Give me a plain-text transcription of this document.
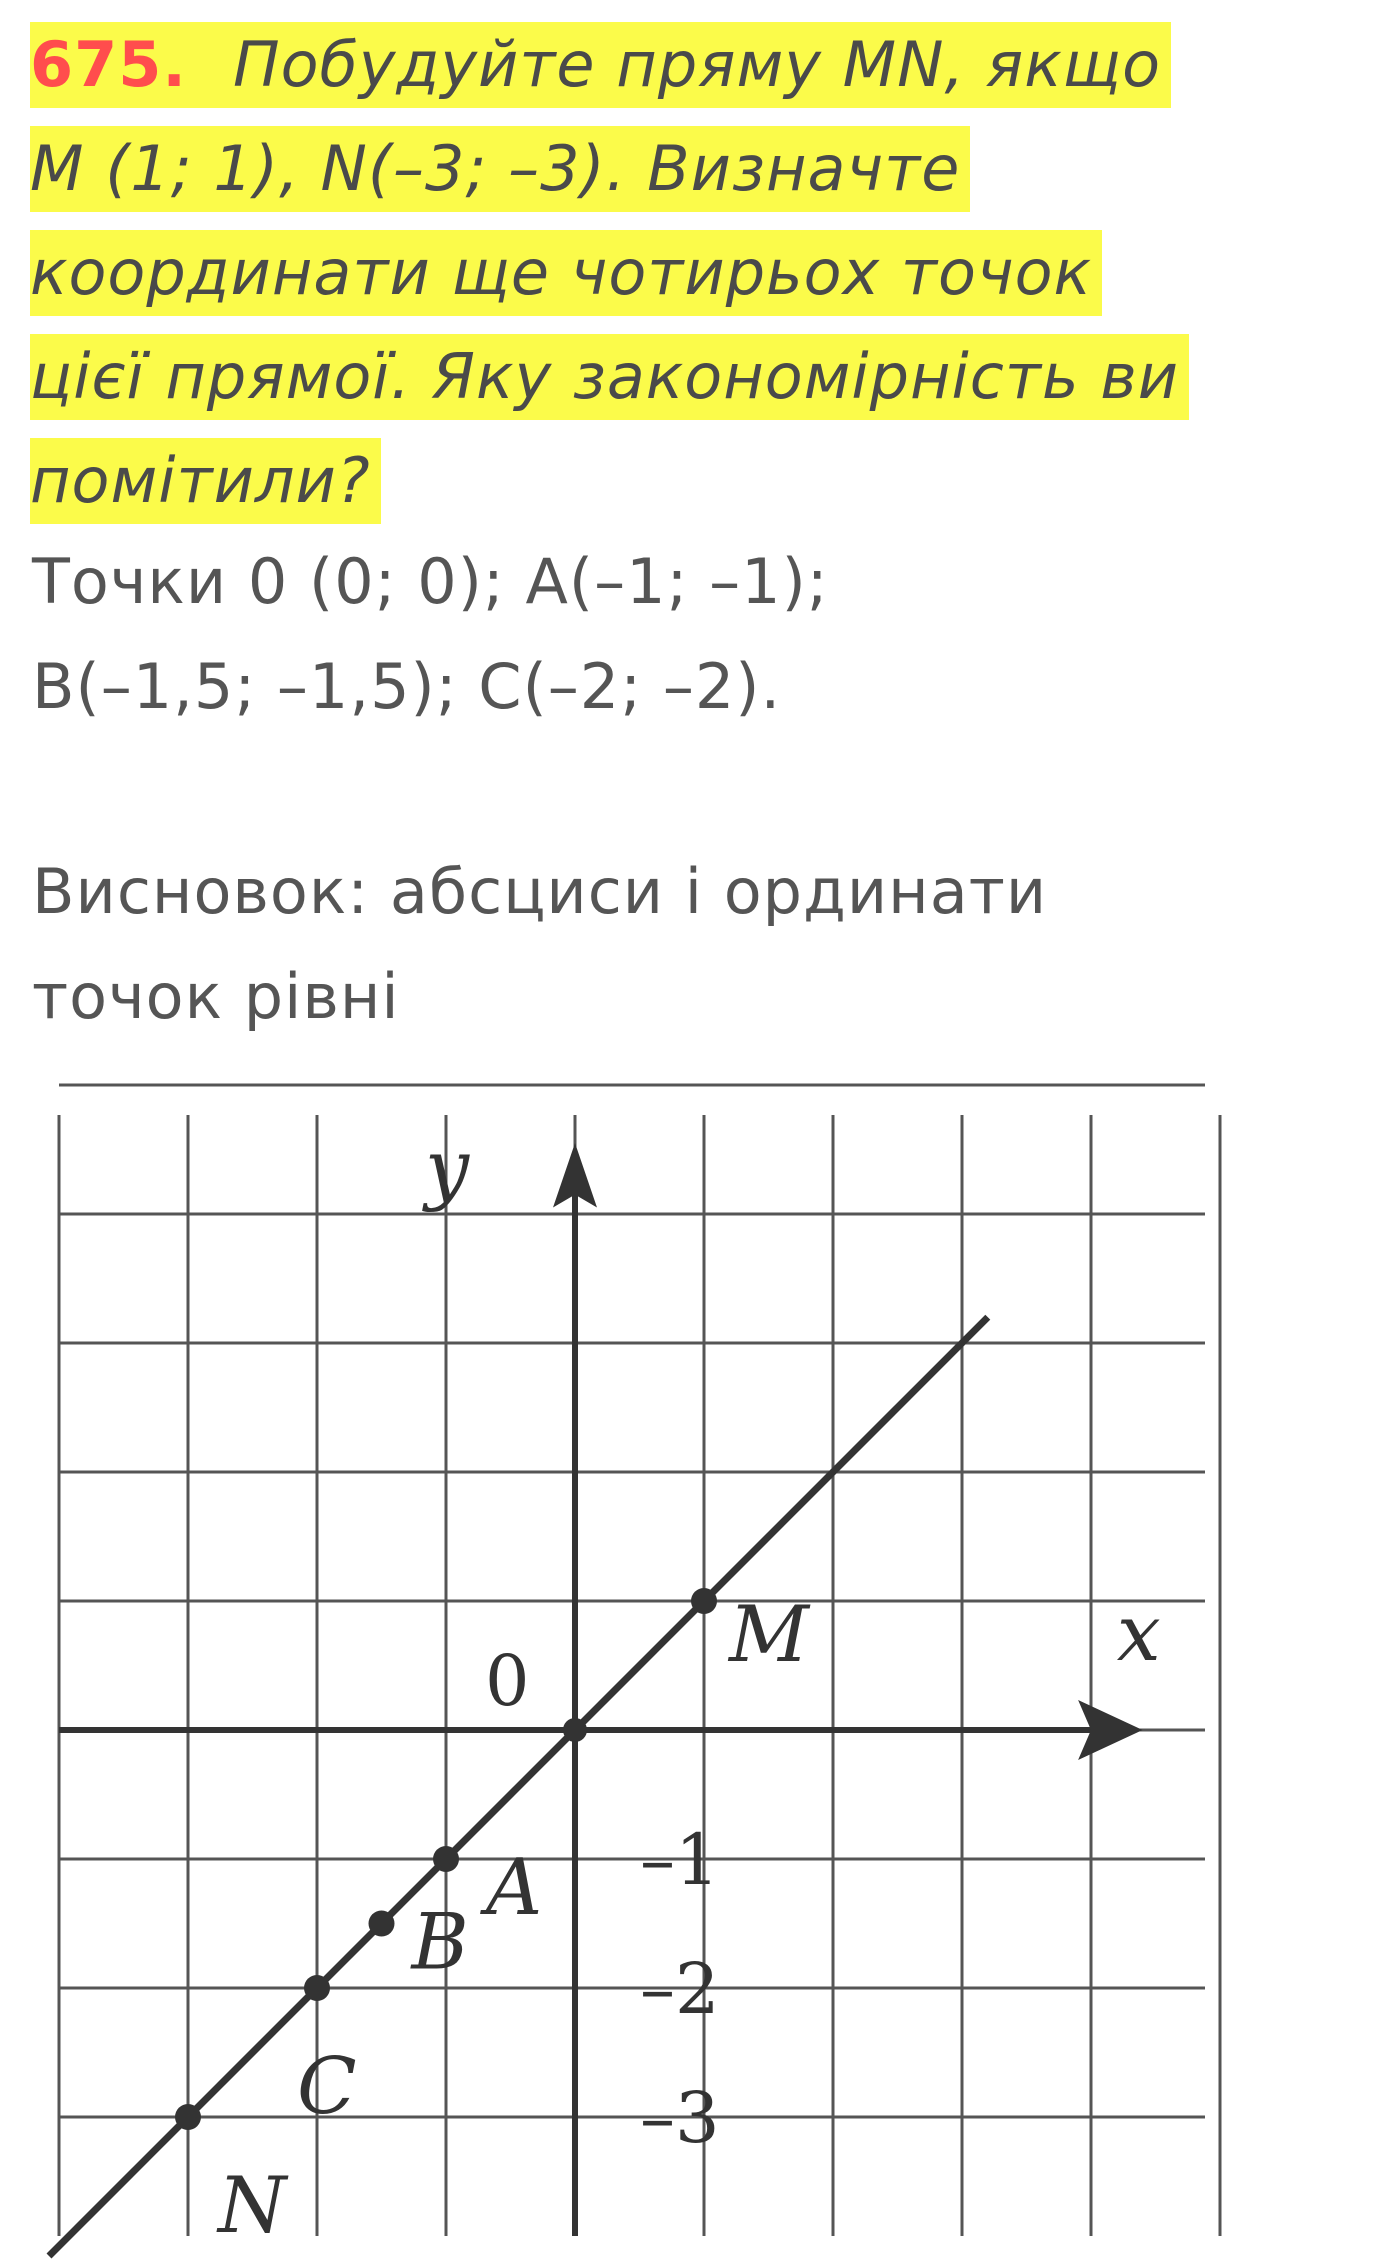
675. Побудуйте пряму MN, якщо
M (1; 1), N(–3; –3). Визначте
координати ще чотирьох точок
цієї прямої. Яку закономірність ви
помітили?
Точки 0 (0; 0); A(–1; –1);
B(–1,5; –1,5); C(–2; –2).
Висновок: абсциси і ординати
точок рівні
M
A
B
C
N
x
y
0
–1
–2
–3
